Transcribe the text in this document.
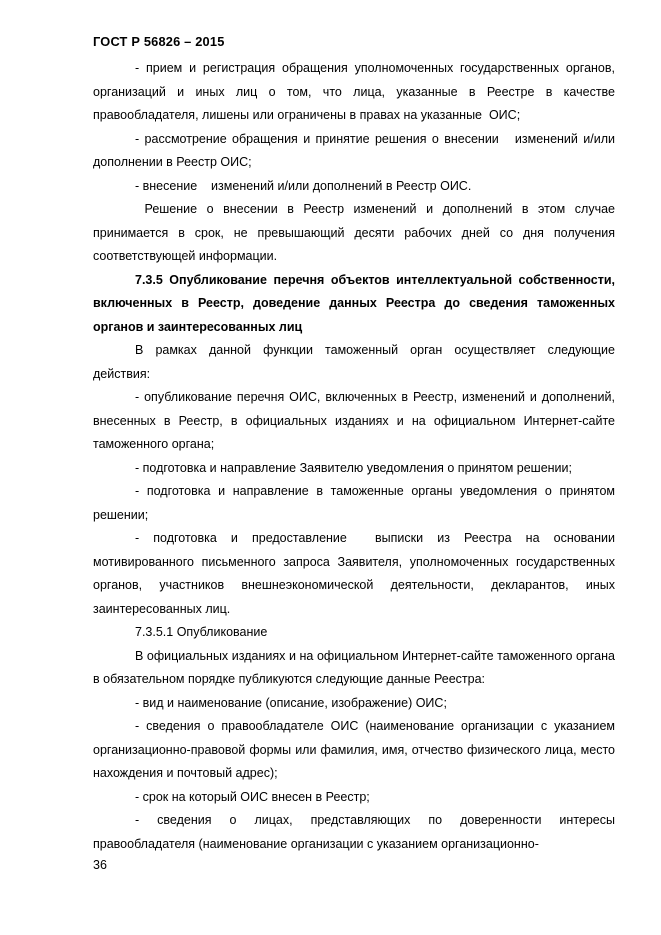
ГОСТ Р 56826 – 2015

- прием и регистрация обращения уполномоченных государственных органов, организаций и иных лиц о том, что лица, указанные в Реестре в качестве правообладателя, лишены или ограничены в правах на указанные  ОИС;

- рассмотрение обращения и принятие решения о внесении   изменений и/или дополнении в Реестр ОИС;

- внесение    изменений и/или дополнений в Реестр ОИС.

Решение о внесении в Реестр изменений и дополнений в этом случае принимается в срок, не превышающий десяти рабочих дней со дня получения соответствующей информации.

7.3.5 Опубликование перечня объектов интеллектуальной собственности, включенных в Реестр, доведение данных Реестра до сведения таможенных органов и заинтересованных лиц

В рамках данной функции таможенный орган осуществляет следующие действия:

- опубликование перечня ОИС, включенных в Реестр, изменений и дополнений, внесенных в Реестр, в официальных изданиях и на официальном Интернет-сайте таможенного органа;

- подготовка и направление Заявителю уведомления о принятом решении;

- подготовка и направление в таможенные органы уведомления о принятом решении;

- подготовка и предоставление  выписки из Реестра на основании мотивированного письменного запроса Заявителя, уполномоченных государственных органов, участников внешнеэкономической деятельности, декларантов, иных заинтересованных лиц.

7.3.5.1 Опубликование

В официальных изданиях и на официальном Интернет-сайте таможенного органа в обязательном порядке публикуются следующие данные Реестра:

- вид и наименование (описание, изображение) ОИС;

- сведения о правообладателе ОИС (наименование организации с указанием организационно-правовой формы или фамилия, имя, отчество физического лица, место нахождения и почтовый адрес);

- срок на который ОИС внесен в Реестр;

- сведения о лицах, представляющих по доверенности интересы правообладателя (наименование организации с указанием организационно-

36
